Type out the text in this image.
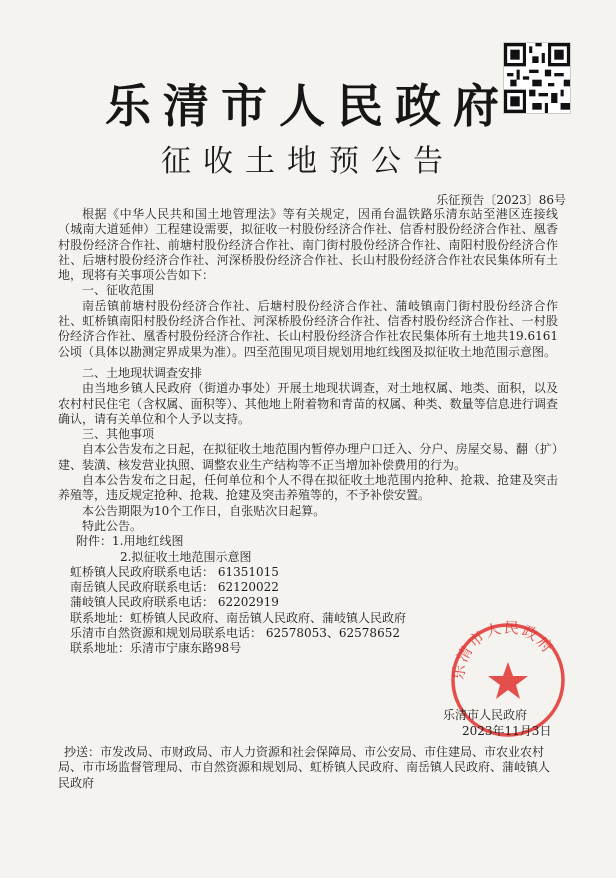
乐清市人民政府
征收土地预公告
乐征预告〔2023〕86号

根据《中华人民共和国土地管理法》等有关规定，因甬台温铁路乐清东站至港区连接线（城南大道延伸）工程建设需要，拟征收一村股份经济合作社、信香村股份经济合作社、凰香村股份经济合作社、前塘村股份经济合作社、南门街村股份经济合作社、南阳村股份经济合作社、后塘村股份经济合作社、河深桥股份经济合作社、长山村股份经济合作社农民集体所有土地，现将有关事项公告如下：

一、征收范围

南岳镇前塘村股份经济合作社、后塘村股份经济合作社、蒲岐镇南门街村股份经济合作社、虹桥镇南阳村股份经济合作社、河深桥股份经济合作社、信香村股份经济合作社、一村股份经济合作社、凰香村股份经济合作社、长山村股份经济合作社农民集体所有土地共19.6161公顷（具体以勘测定界成果为准）。四至范围见项目规划用地红线图及拟征收土地范围示意图。

二、土地现状调查安排

由当地乡镇人民政府（街道办事处）开展土地现状调查，对土地权属、地类、面积，以及农村村民住宅（含权属、面积等）、其他地上附着物和青苗的权属、种类、数量等信息进行调查确认，请有关单位和个人予以支持。

三、其他事项

自本公告发布之日起，在拟征收土地范围内暂停办理户口迁入、分户、房屋交易、翻（扩）建、装潢、核发营业执照、调整农业生产结构等不正当增加补偿费用的行为。

自本公告发布之日起，任何单位和个人不得在拟征收土地范围内抢种、抢栽、抢建及突击养殖等，违反规定抢种、抢栽、抢建及突击养殖等的，不予补偿安置。

本公告期限为10个工作日，自张贴次日起算。

特此公告。

附件：1.用地红线图

2.拟征收土地范围示意图

虹桥镇人民政府联系电话： 61351015

南岳镇人民政府联系电话： 62120022

蒲岐镇人民政府联系电话： 62202919

联系地址：虹桥镇人民政府、南岳镇人民政府、蒲岐镇人民政府

乐清市自然资源和规划局联系电话： 62578053、62578652

联系地址：乐清市宁康东路98号

乐清市人民政府
乐清市人民政府
2023年11月3日

抄送：市发改局、市财政局、市人力资源和社会保障局、市公安局、市住建局、市农业农村局、市市场监督管理局、市自然资源和规划局、虹桥镇人民政府、南岳镇人民政府、蒲岐镇人民政府
